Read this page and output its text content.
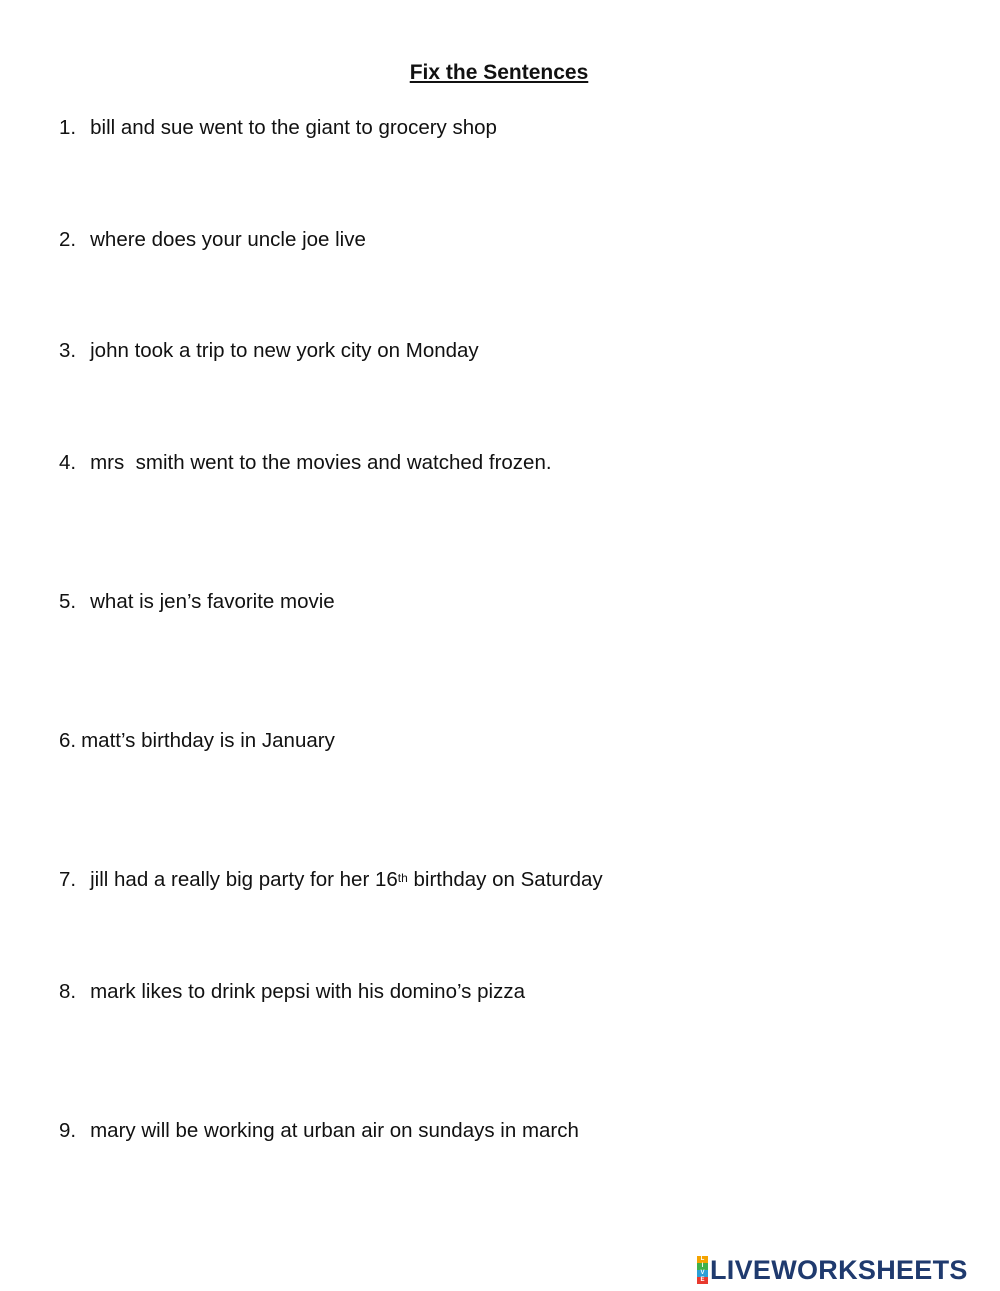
Fix the Sentences
1. bill and sue went to the giant to grocery shop
2. where does your uncle joe live
3. john took a trip to new york city on Monday
4. mrs  smith went to the movies and watched frozen.
5. what is jen’s favorite movie
6. matt’s birthday is in January
7. jill had a really big party for her 16th birthday on Saturday
8. mark likes to drink pepsi with his domino’s pizza
9. mary will be working at urban air on sundays in march
L
I
V
E LIVEWORKSHEETS
